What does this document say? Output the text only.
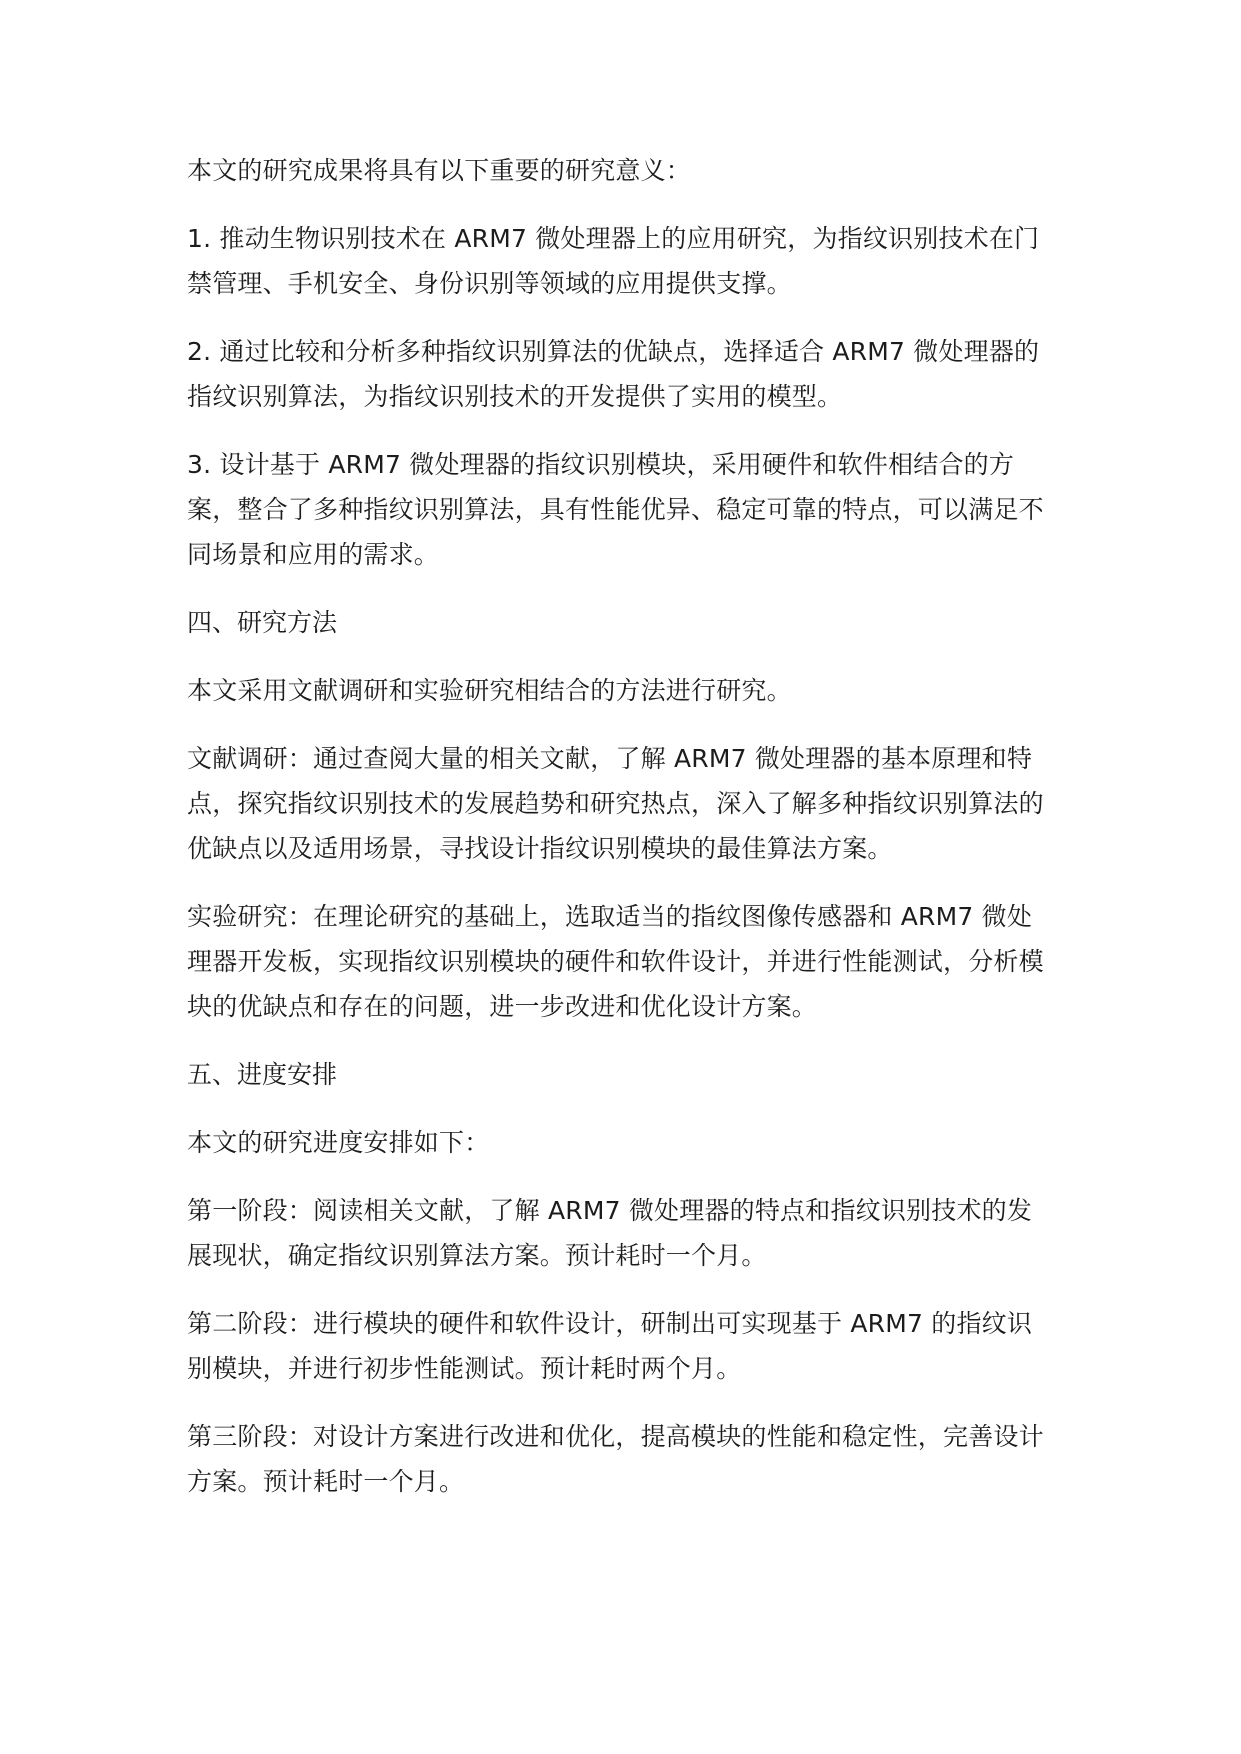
本文的研究成果将具有以下重要的研究意义：

1. 推动生物识别技术在 ARM7 微处理器上的应用研究，为指纹识别技术在门禁管理、手机安全、身份识别等领域的应用提供支撑。

2. 通过比较和分析多种指纹识别算法的优缺点，选择适合 ARM7 微处理器的指纹识别算法，为指纹识别技术的开发提供了实用的模型。

3. 设计基于 ARM7 微处理器的指纹识别模块，采用硬件和软件相结合的方案，整合了多种指纹识别算法，具有性能优异、稳定可靠的特点，可以满足不同场景和应用的需求。

四、研究方法

本文采用文献调研和实验研究相结合的方法进行研究。

文献调研：通过查阅大量的相关文献，了解 ARM7 微处理器的基本原理和特点，探究指纹识别技术的发展趋势和研究热点，深入了解多种指纹识别算法的优缺点以及适用场景，寻找设计指纹识别模块的最佳算法方案。

实验研究：在理论研究的基础上，选取适当的指纹图像传感器和 ARM7 微处理器开发板，实现指纹识别模块的硬件和软件设计，并进行性能测试，分析模块的优缺点和存在的问题，进一步改进和优化设计方案。

五、进度安排

本文的研究进度安排如下：

第一阶段：阅读相关文献，了解 ARM7 微处理器的特点和指纹识别技术的发展现状，确定指纹识别算法方案。预计耗时一个月。

第二阶段：进行模块的硬件和软件设计，研制出可实现基于 ARM7 的指纹识别模块，并进行初步性能测试。预计耗时两个月。

第三阶段：对设计方案进行改进和优化，提高模块的性能和稳定性，完善设计方案。预计耗时一个月。
